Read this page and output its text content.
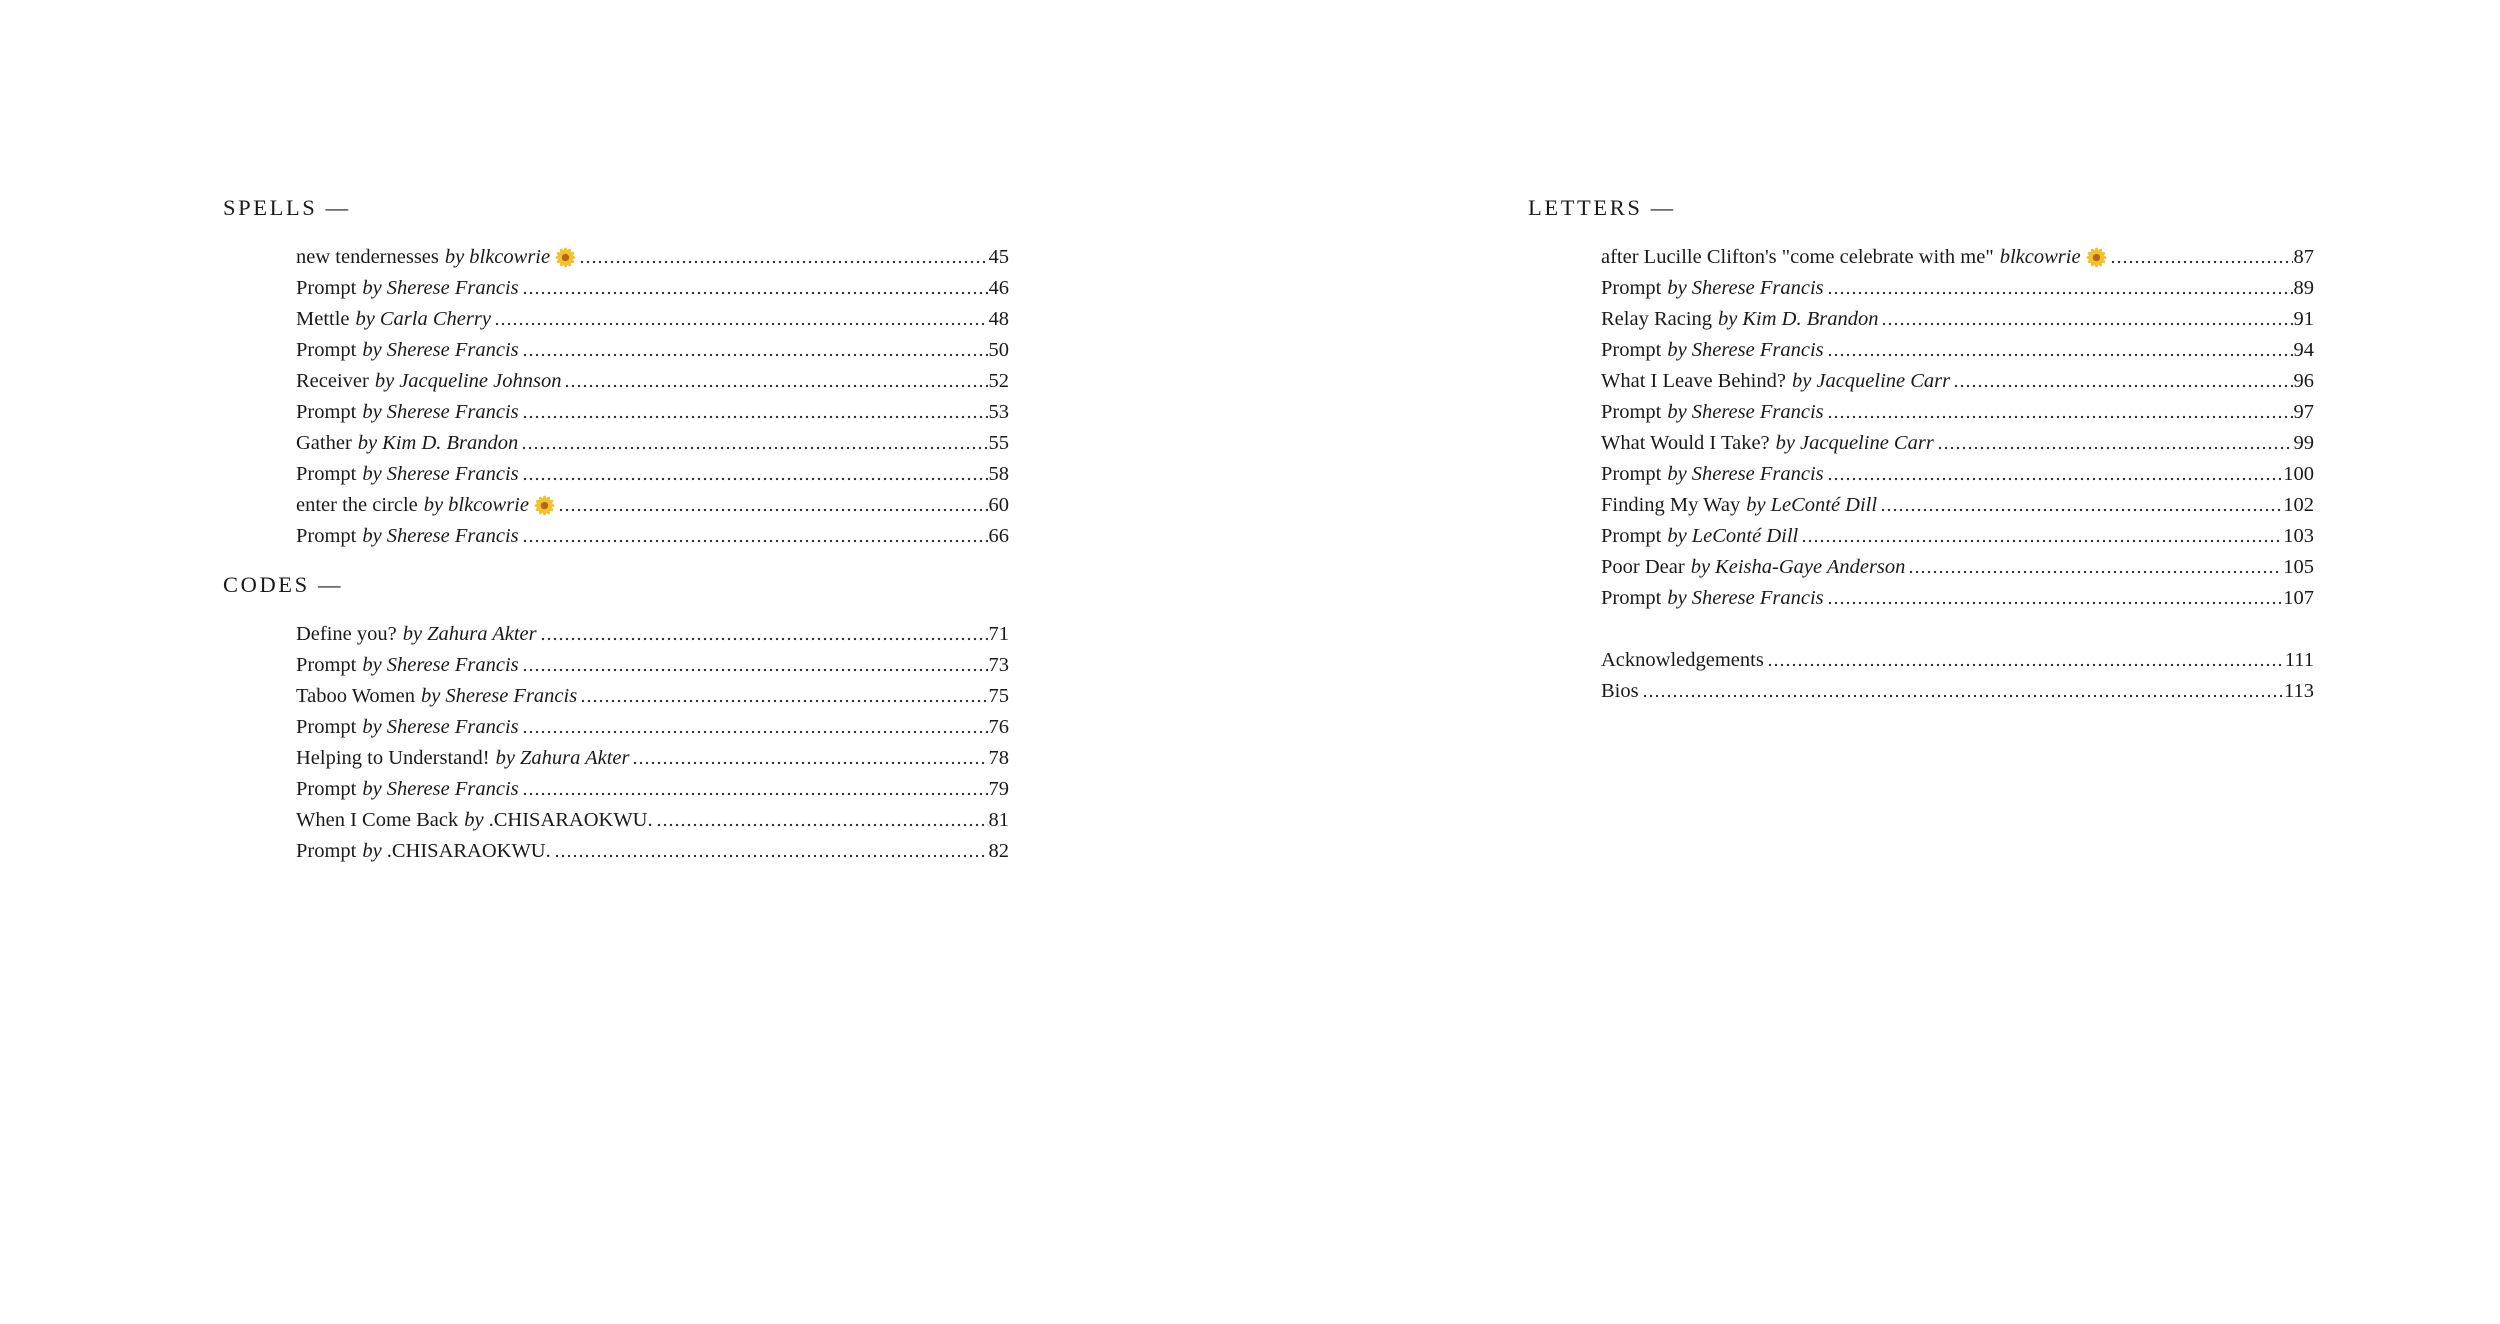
SPELLS —
new tendernesses by blkcowrie	45
Prompt by Sherese Francis	46
Mettle by Carla Cherry	48
Prompt by Sherese Francis	50
Receiver by Jacqueline Johnson	52
Prompt by Sherese Francis	53
Gather by Kim D. Brandon	55
Prompt by Sherese Francis	58
enter the circle by blkcowrie	60
Prompt by Sherese Francis	66
CODES —
Define you? by Zahura Akter	71
Prompt by Sherese Francis	73
Taboo Women by Sherese Francis	75
Prompt by Sherese Francis	76
Helping to Understand! by Zahura Akter	78
Prompt by Sherese Francis	79
When I Come Back by .CHISARAOKWU.	81
Prompt by .CHISARAOKWU.	82
LETTERS —
after Lucille Clifton's "come celebrate with me" blkcowrie	87
Prompt by Sherese Francis	89
Relay Racing by Kim D. Brandon	91
Prompt by Sherese Francis	94
What I Leave Behind? by Jacqueline Carr	96
Prompt by Sherese Francis	97
What Would I Take? by Jacqueline Carr	99
Prompt by Sherese Francis	100
Finding My Way by LeConté Dill	102
Prompt by LeConté Dill	103
Poor Dear by Keisha-Gaye Anderson	105
Prompt by Sherese Francis	107
Acknowledgements	111
Bios	113
